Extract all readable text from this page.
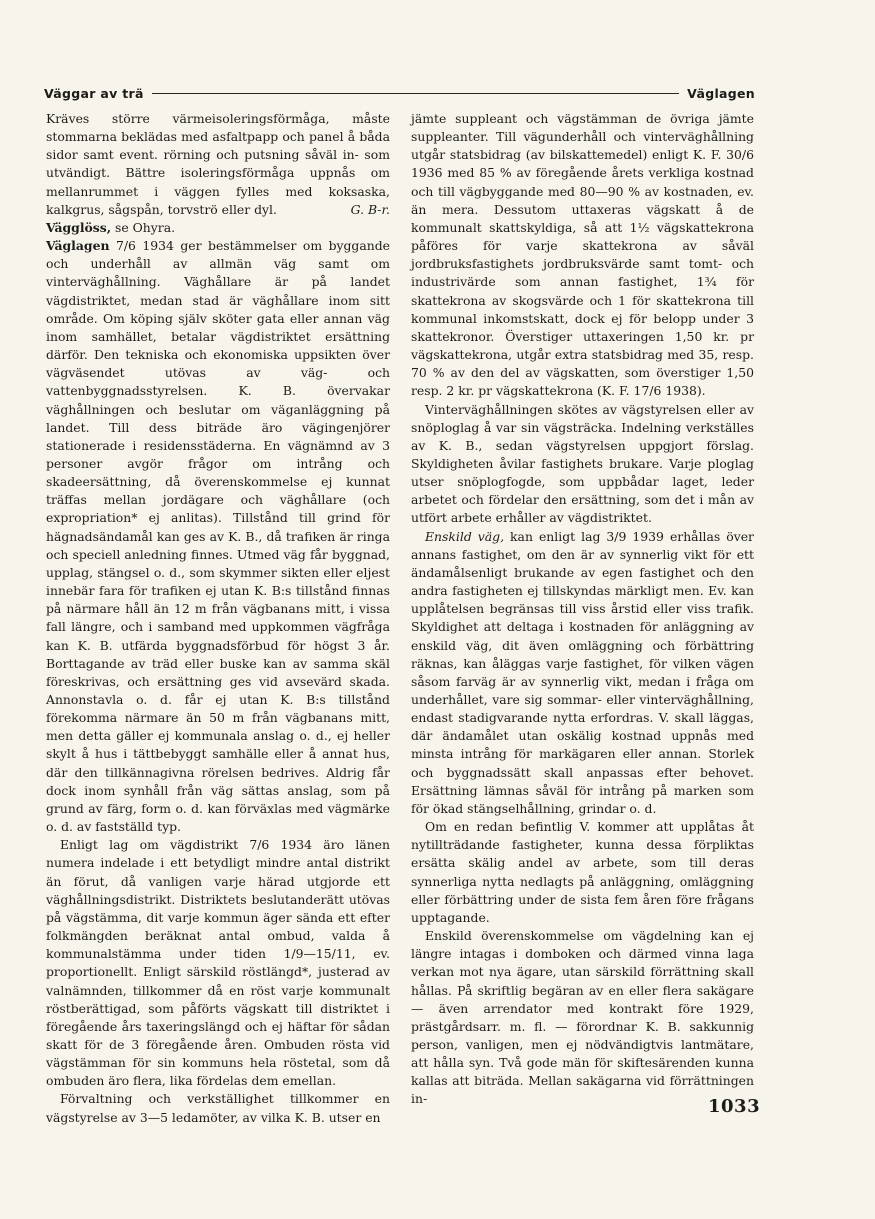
Väggar av trä	Väglagen

Kräves större värmeisoleringsförmåga, måste stommarna beklädas med asfaltpapp och panel å båda sidor samt event. rörning och putsning såväl in- som utvändigt. Bättre isoleringsförmåga uppnås om mellanrummet i väggen fylles med koksaska, kalkgrus, sågspån, torvströ eller dyl.	G. B-r.

Vägglöss, se Ohyra.

Väglagen 7/6 1934 ger bestämmelser om byggande och underhåll av allmän väg samt om vinterväghållning. Väghållare är på landet vägdistriktet, medan stad är väghållare inom sitt område. Om köping själv sköter gata eller annan väg inom samhället, betalar vägdistriktet ersättning därför. Den tekniska och ekonomiska uppsikten över vägväsendet utövas av väg- och vattenbyggnadsstyrelsen. K. B. övervakar väghållningen och beslutar om väganläggning på landet. Till dess biträde äro vägingenjörer stationerade i residensstäderna. En vägnämnd av 3 personer avgör frågor om intrång och skadeersättning, då överenskommelse ej kunnat träffas mellan jordägare och väghållare (och expropriation* ej anlitas). Tillstånd till grind för hägnadsändamål kan ges av K. B., då trafiken är ringa och speciell anledning finnes. Utmed väg får byggnad, upplag, stängsel o. d., som skymmer sikten eller eljest innebär fara för trafiken ej utan K. B:s tillstånd finnas på närmare håll än 12 m från vägbanans mitt, i vissa fall längre, och i samband med uppkommen vägfråga kan K. B. utfärda byggnadsförbud för högst 3 år. Borttagande av träd eller buske kan av samma skäl föreskrivas, och ersättning ges vid avsevärd skada. Annonstavla o. d. får ej utan K. B:s tillstånd förekomma närmare än 50 m från vägbanans mitt, men detta gäller ej kommunala anslag o. d., ej heller skylt å hus i tättbebyggt samhälle eller å annat hus, där den tillkännagivna rörelsen bedrives. Aldrig får dock inom synhåll från väg sättas anslag, som på grund av färg, form o. d. kan förväxlas med vägmärke o. d. av fastställd typ.

Enligt lag om vägdistrikt 7/6 1934 äro länen numera indelade i ett betydligt mindre antal distrikt än förut, då vanligen varje härad utgjorde ett väghållningsdistrikt. Distriktets beslutanderätt utövas på vägstämma, dit varje kommun äger sända ett efter folkmängden beräknat antal ombud, valda å kommunalstämma under tiden 1/9—15/11, ev. proportionellt. Enligt särskild röstlängd*, justerad av valnämnden, tillkommer då en röst varje kommunalt röstberättigad, som påförts vägskatt till distriktet i föregående års taxeringslängd och ej häftar för sådan skatt för de 3 föregående åren. Ombuden rösta vid vägstämman för sin kommuns hela röstetal, som då ombuden äro flera, lika fördelas dem emellan.

Förvaltning och verkställighet tillkommer en vägstyrelse av 3—5 ledamöter, av vilka K. B. utser en

jämte suppleant och vägstämman de övriga jämte suppleanter. Till vägunderhåll och vinterväghållning utgår statsbidrag (av bilskattemedel) enligt K. F. 30/6 1936 med 85 % av föregående årets verkliga kostnad och till vägbyggande med 80—90 % av kostnaden, ev. än mera. Dessutom uttaxeras vägskatt å de kommunalt skattskyldiga, så att 1½ vägskattekrona påföres för varje skattekrona av såväl jordbruksfastighets jordbruksvärde samt tomt- och industrivärde som annan fastighet, 1¾ för skattekrona av skogsvärde och 1 för skattekrona till kommunal inkomstskatt, dock ej för belopp under 3 skattekronor. Överstiger uttaxeringen 1,50 kr. pr vägskattekrona, utgår extra statsbidrag med 35, resp. 70 % av den del av vägskatten, som överstiger 1,50 resp. 2 kr. pr vägskattekrona (K. F. 17/6 1938).

Vinterväghållningen skötes av vägstyrelsen eller av snöploglag å var sin vägsträcka. Indelning verkställes av K. B., sedan vägstyrelsen uppgjort förslag. Skyldigheten åvilar fastighets brukare. Varje ploglag utser snöplogfogde, som uppbådar laget, leder arbetet och fördelar den ersättning, som det i mån av utfört arbete erhåller av vägdistriktet.

Enskild väg, kan enligt lag 3/9 1939 erhållas över annans fastighet, om den är av synnerlig vikt för ett ändamålsenligt brukande av egen fastighet och den andra fastigheten ej tillskyndas märkligt men. Ev. kan upplåtelsen begränsas till viss årstid eller viss trafik. Skyldighet att deltaga i kostnaden för anläggning av enskild väg, dit även omläggning och förbättring räknas, kan åläggas varje fastighet, för vilken vägen såsom farväg är av synnerlig vikt, medan i fråga om underhållet, vare sig sommar- eller vinterväghållning, endast stadigvarande nytta erfordras. V. skall läggas, där ändamålet utan oskälig kostnad uppnås med minsta intrång för markägaren eller annan. Storlek och byggnadssätt skall anpassas efter behovet. Ersättning lämnas såväl för intrång på marken som för ökad stängselhållning, grindar o. d.

Om en redan befintlig V. kommer att upplåtas åt nytillträdande fastigheter, kunna dessa förpliktas ersätta skälig andel av arbete, som till deras synnerliga nytta nedlagts på anläggning, omläggning eller förbättring under de sista fem åren före frågans upptagande.

Enskild överenskommelse om vägdelning kan ej längre intagas i domboken och därmed vinna laga verkan mot nya ägare, utan särskild förrättning skall hållas. På skriftlig begäran av en eller flera sakägare — även arrendator med kontrakt före 1929, prästgårdsarr. m. fl. — förordnar K. B. sakkunnig person, vanligen, men ej nödvändigtvis lantmätare, att hålla syn. Två gode män för skiftesärenden kunna kallas att biträda. Mellan sakägarna vid förrättningen in-	1033
